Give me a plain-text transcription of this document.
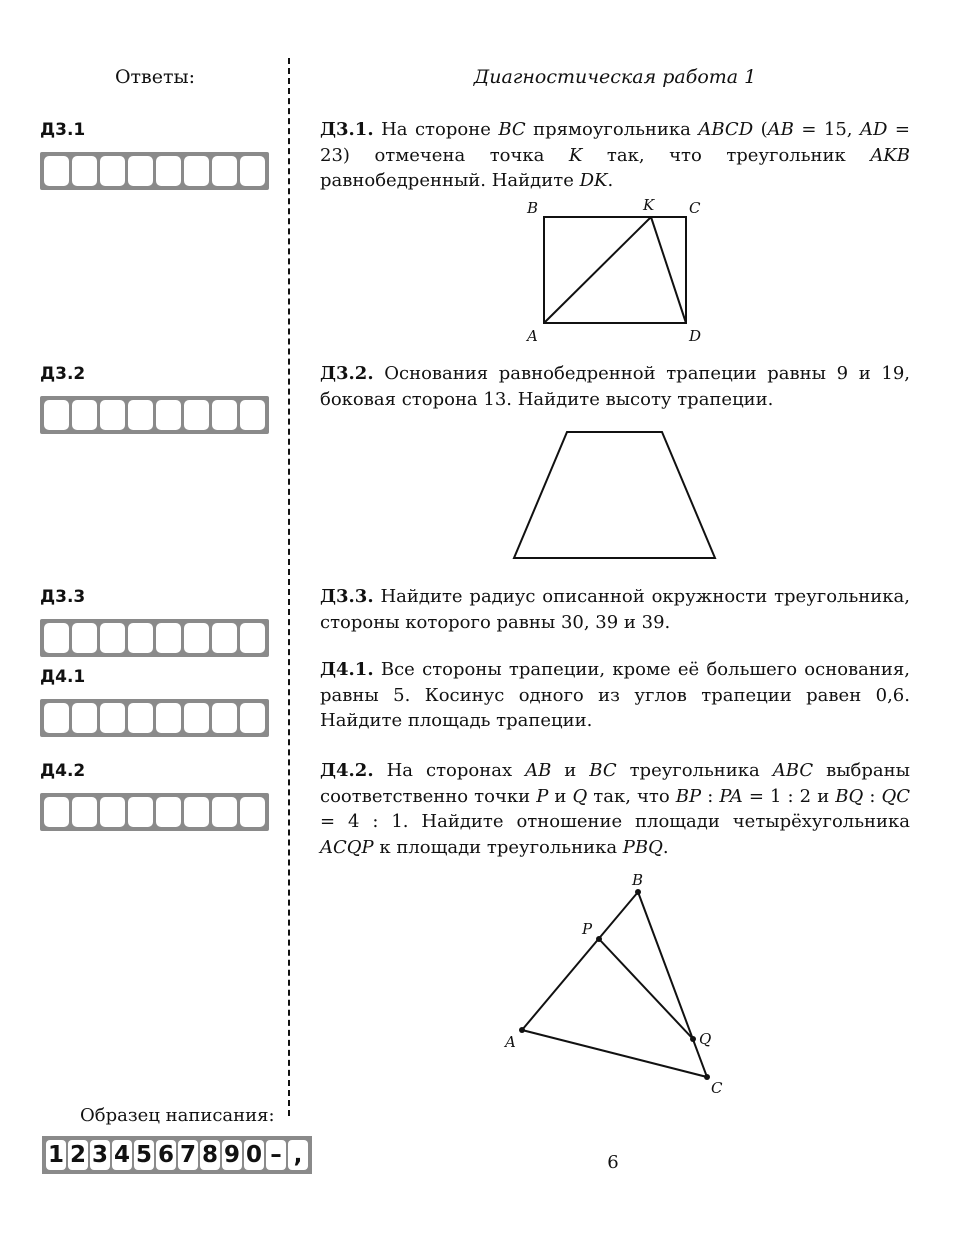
Ответы:	Диагностическая работа 1
Д3.1
Д3.2
Д3.3
Д4.1
Д4.2
Д3.1. На стороне BC прямоугольника ABCD (AB = 15, AD = 23) отмечена точка K так, что треугольник AKB равнобедренный. Найдите DK.
B	K C
A	D
Д3.2. Основания равнобедренной трапеции равны 9 и 19, боковая сторона 13. Найдите высоту трапеции.
Д3.3. Найдите радиус описанной окружности треугольника, стороны которого равны 30, 39 и 39.
Д4.1. Все стороны трапеции, кроме её большего основания, равны 5. Косинус одного из углов трапеции равен 0,6. Найдите площадь трапеции.
Д4.2. На сторонах AB и BC треугольника ABC выбраны соответственно точки P и Q так, что BP : PA = 1 : 2 и BQ : QC = 4 : 1. Найдите отношение площади четырёхугольника ACQP к площади треугольника PBQ.
B
P
A	Q
C
Образец написания:
1 2 3 4 5 6 7 8 9 0 – ,	6
